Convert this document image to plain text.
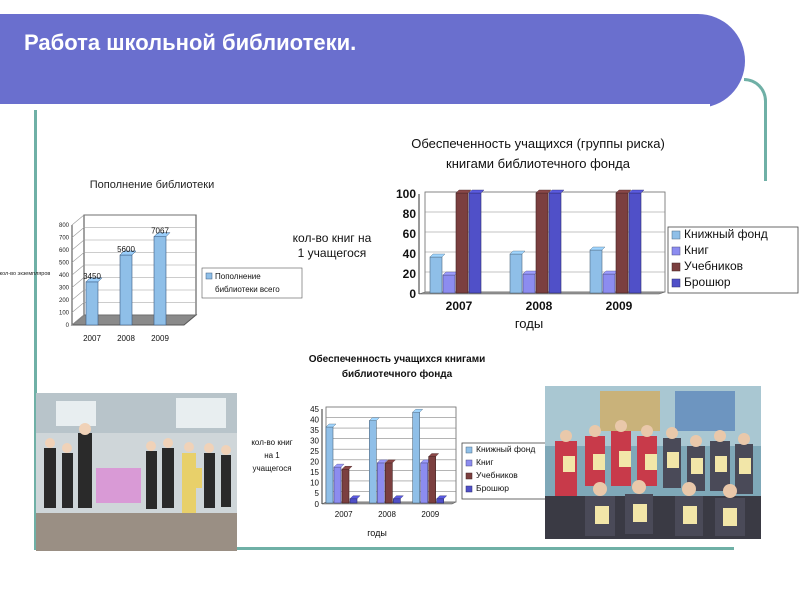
Работа школьной библиотеки.
Пополнение библиотеки
0
100
200
300
400
500
600
700
800
кол-во экземпляров	3450
2007
5600
2008
7067
2009
Пополнение
библиотеки всего
Обеспеченность учащихся (группы риска)
книгами библиотечного фонда
0
20
40
60
80
100
кол-во книг на
1 учащегося
2007	2008	2009
годы
Книжный фонд
Книг
Учебников
Брошюр
Обеспеченность учащихся книгами
библиотечного фонда
0
5
10
15
20
25
30
35
40
45
кол-во книг
на 1
учащегося
2007	2008	2009
годы
Книжный фонд
Книг
Учебников
Брошюр
